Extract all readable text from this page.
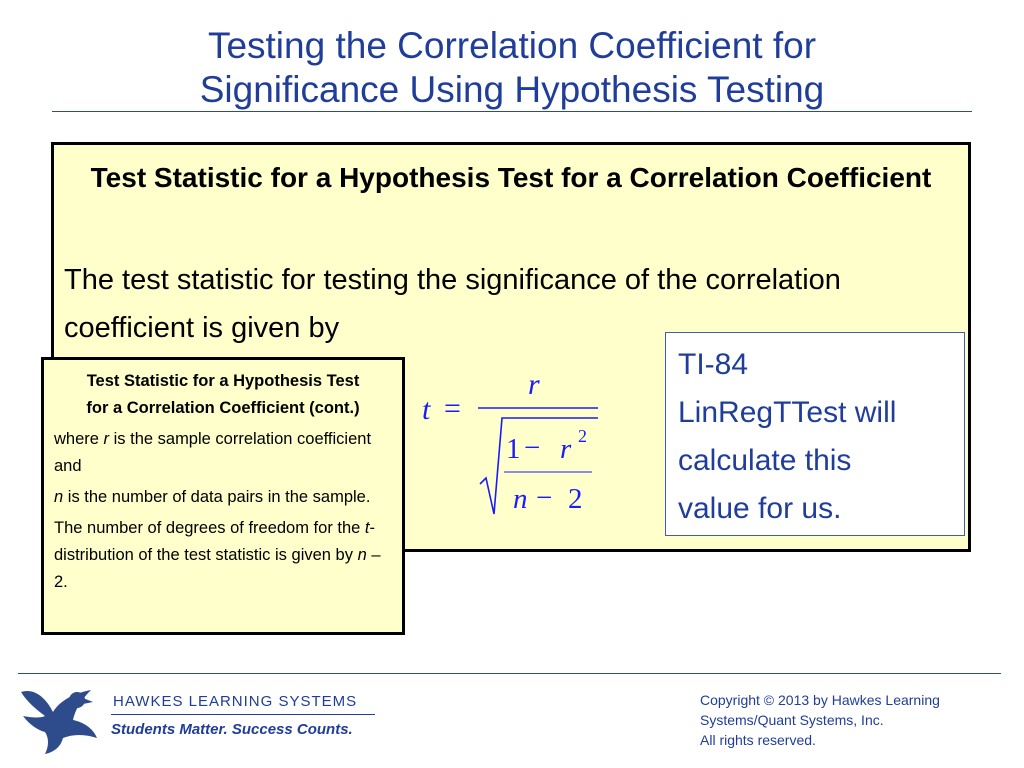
Testing the Correlation Coefficient for
Significance Using Hypothesis Testing
Test Statistic for a Hypothesis Test for a Correlation Coefficient
The test statistic for testing the significance of the correlation coefficient is given by
t =
r
1 − r 2
n − 2
TI-84
LinRegTTest will
calculate this
value for us.
Test Statistic for a Hypothesis Test
for a Correlation Coefficient (cont.)

where r is the sample correlation coefficient and

n is the number of data pairs in the sample.

The number of degrees of freedom for the t-distribution of the test statistic is given by n – 2.

HAWKES LEARNING SYSTEMS
Students Matter. Success Counts.
Copyright © 2013 by Hawkes Learning
Systems/Quant Systems, Inc.
All rights reserved.
